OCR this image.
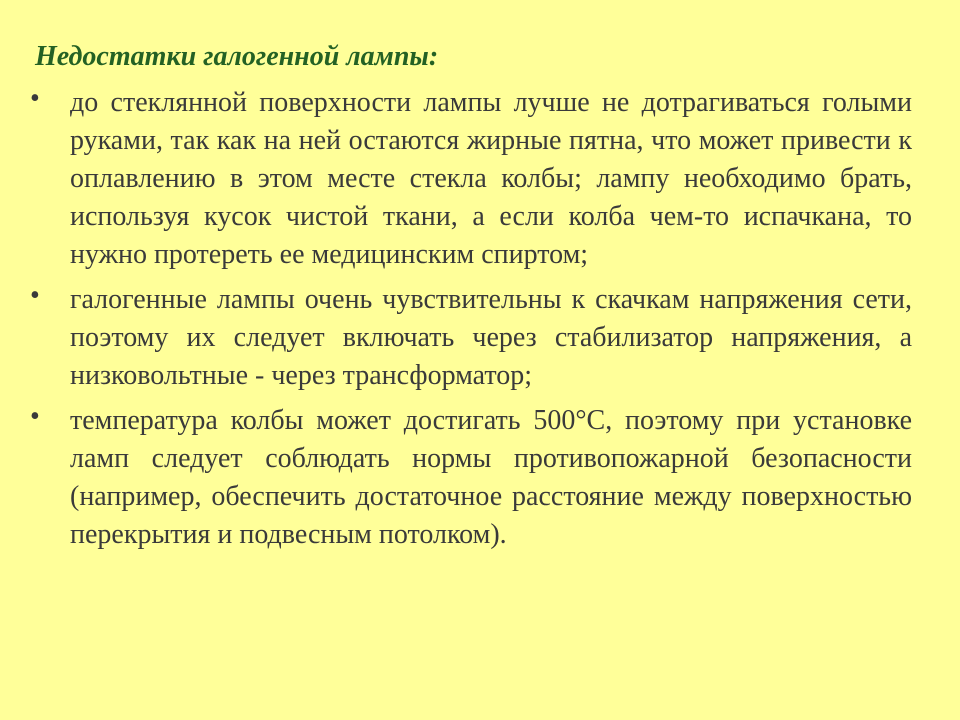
Недостатки галогенной лампы:
• до стеклянной поверхности лампы лучше не дотрагиваться голыми руками, так как на ней остаются жирные пятна, что может привести к оплавлению в этом месте стекла колбы; лампу необходимо брать, используя кусок чистой ткани, а если колба чем-то испачкана, то нужно протереть ее медицинским спиртом;
• галогенные лампы очень чувствительны к скачкам напряжения сети, поэтому их следует включать через стабилизатор напряжения, а низковольтные - через трансформатор;
• температура колбы может достигать 500°С, поэтому при установке ламп следует соблюдать нормы противопожарной безопасности (например, обеспечить достаточное расстояние между поверхностью перекрытия и подвесным потолком).
